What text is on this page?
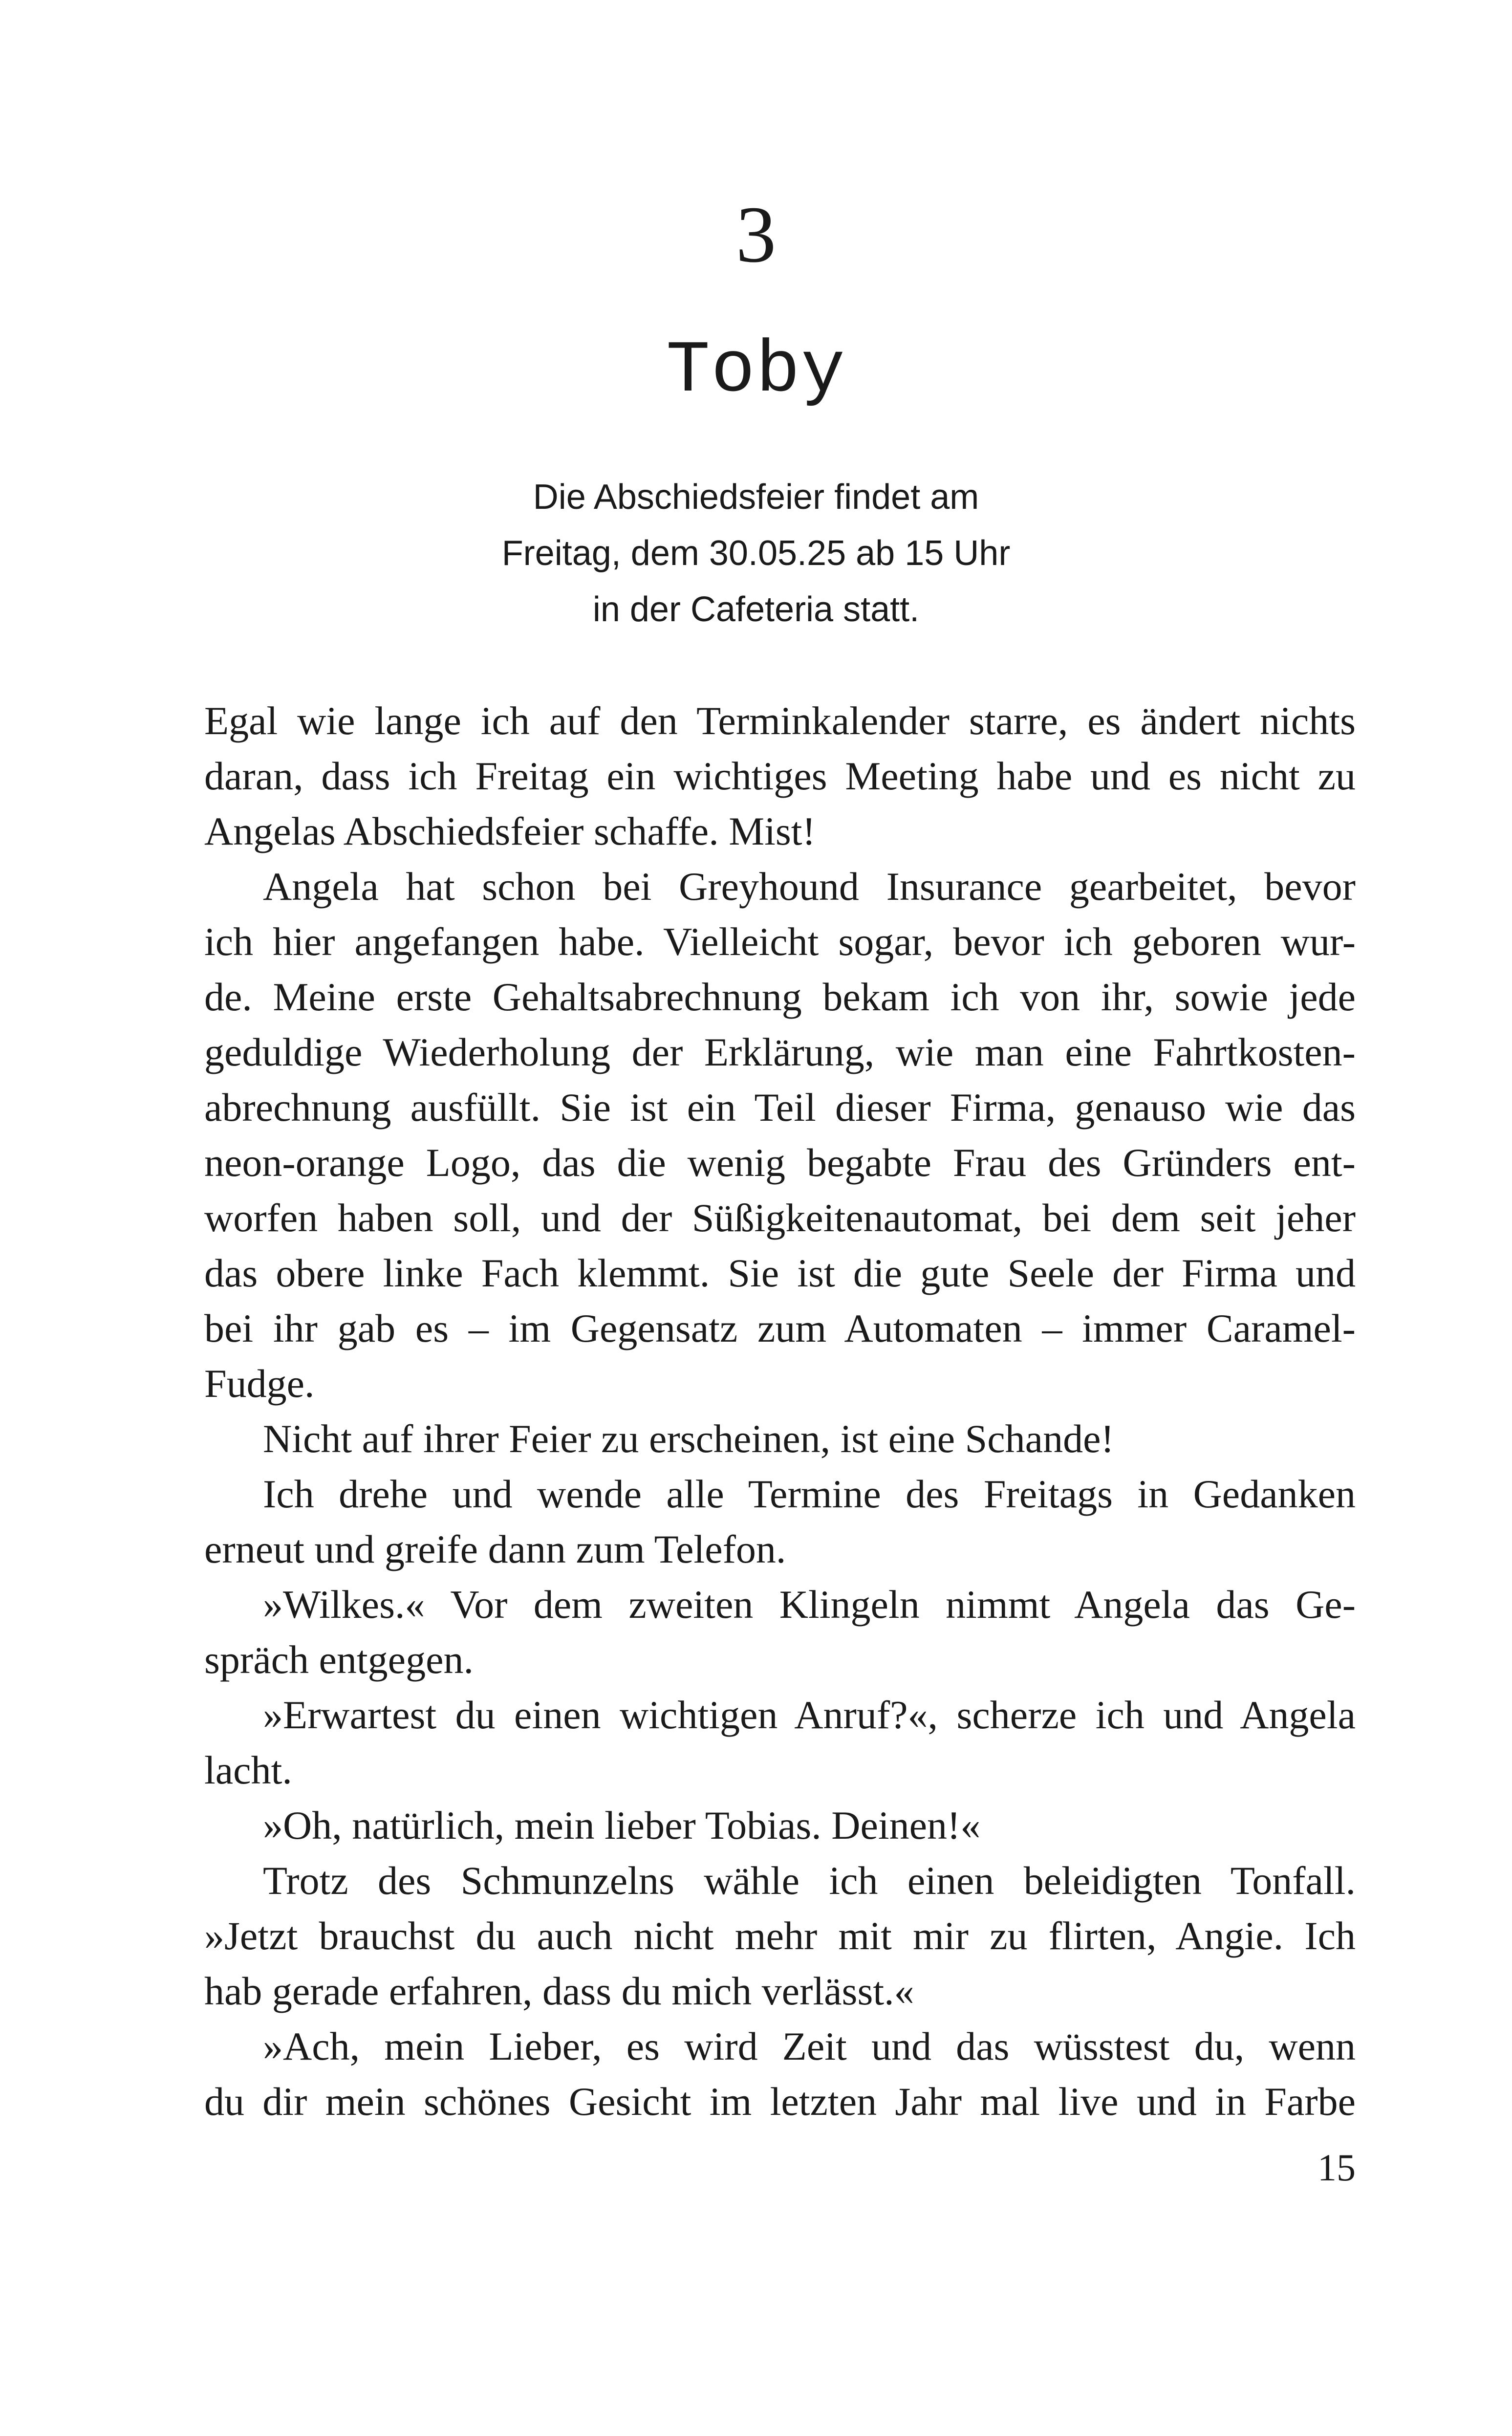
3
Toby
Die Abschiedsfeier findet am
Freitag, dem 30.05.25 ab 15 Uhr
in der Cafeteria statt.
Egal wie lange ich auf den Terminkalender starre, es ändert nichts
daran, dass ich Freitag ein wichtiges Meeting habe und es nicht zu
Angelas Abschiedsfeier schaffe. Mist!
Angela hat schon bei Greyhound Insurance gearbeitet, bevor
ich hier angefangen habe. Vielleicht sogar, bevor ich geboren wur-
de. Meine erste Gehaltsabrechnung bekam ich von ihr, sowie jede
geduldige Wiederholung der Erklärung, wie man eine Fahrtkosten-
abrechnung ausfüllt. Sie ist ein Teil dieser Firma, genauso wie das
neon-orange Logo, das die wenig begabte Frau des Gründers ent-
worfen haben soll, und der Süßigkeitenautomat, bei dem seit jeher
das obere linke Fach klemmt. Sie ist die gute Seele der Firma und
bei ihr gab es – im Gegensatz zum Automaten – immer Caramel-
Fudge.
Nicht auf ihrer Feier zu erscheinen, ist eine Schande!
Ich drehe und wende alle Termine des Freitags in Gedanken
erneut und greife dann zum Telefon.
»Wilkes.« Vor dem zweiten Klingeln nimmt Angela das Ge-
spräch entgegen.
»Erwartest du einen wichtigen Anruf?«, scherze ich und Angela
lacht.
»Oh, natürlich, mein lieber Tobias. Deinen!«
Trotz des Schmunzelns wähle ich einen beleidigten Tonfall.
»Jetzt brauchst du auch nicht mehr mit mir zu flirten, Angie. Ich
hab gerade erfahren, dass du mich verlässt.«
»Ach, mein Lieber, es wird Zeit und das wüsstest du, wenn
du dir mein schönes Gesicht im letzten Jahr mal live und in Farbe
15
